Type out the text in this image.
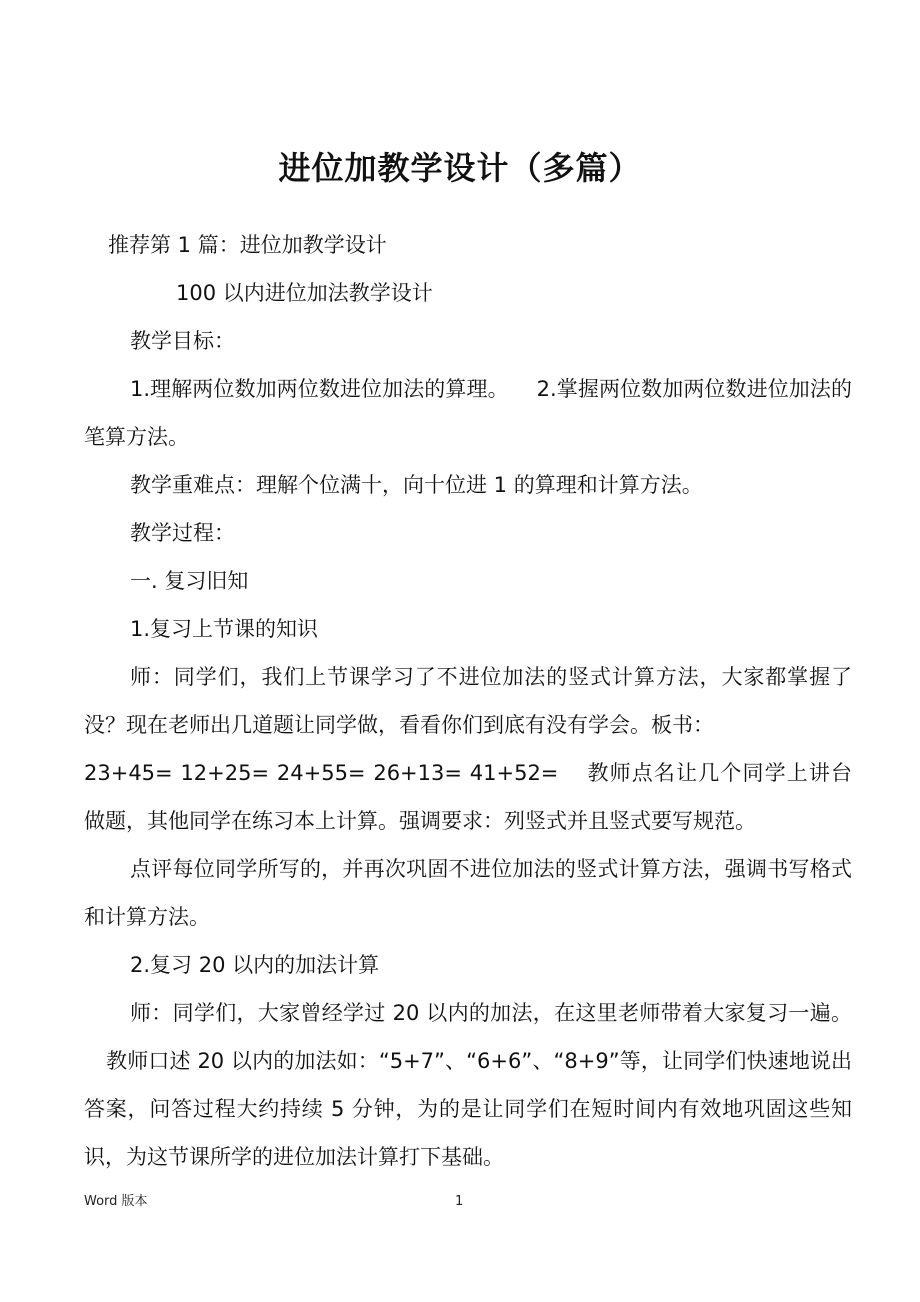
进位加教学设计（多篇）

推荐第 1 篇：进位加教学设计

100 以内进位加法教学设计

教学目标：

1.理解两位数加两位数进位加法的算理。 2.掌握两位数加两位数进位加法的笔算方法。

教学重难点：理解个位满十，向十位进 1 的算理和计算方法。

教学过程：

一. 复习旧知

1.复习上节课的知识

师：同学们，我们上节课学习了不进位加法的竖式计算方法，大家都掌握了没？现在老师出几道题让同学做，看看你们到底有没有学会。板书：

23+45= 12+25= 24+55= 26+13= 41+52= 教师点名让几个同学上讲台做题，其他同学在练习本上计算。强调要求：列竖式并且竖式要写规范。

点评每位同学所写的，并再次巩固不进位加法的竖式计算方法，强调书写格式和计算方法。

2.复习 20 以内的加法计算

师：同学们，大家曾经学过 20 以内的加法，在这里老师带着大家复习一遍。教师口述 20 以内的加法如：“5+7”、“6+6”、“8+9”等，让同学们快速地说出答案，问答过程大约持续 5 分钟，为的是让同学们在短时间内有效地巩固这些知识，为这节课所学的进位加法计算打下基础。

Word 版本	1
